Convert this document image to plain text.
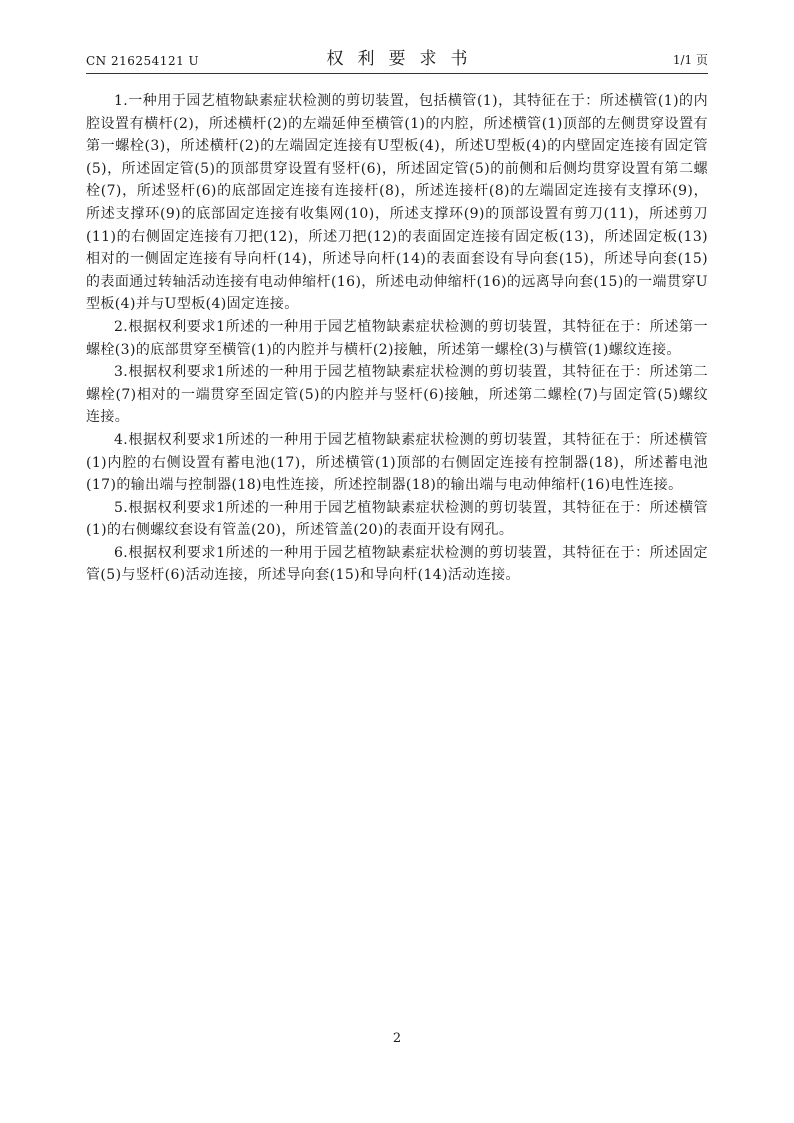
CN 216254121 U	权利要求书	1/1 页

1.一种用于园艺植物缺素症状检测的剪切装置，包括横管(1)，其特征在于：所述横管(1)的内腔设置有横杆(2)，所述横杆(2)的左端延伸至横管(1)的内腔，所述横管(1)顶部的左侧贯穿设置有第一螺栓(3)，所述横杆(2)的左端固定连接有U型板(4)，所述U型板(4)的内壁固定连接有固定管(5)，所述固定管(5)的顶部贯穿设置有竖杆(6)，所述固定管(5)的前侧和后侧均贯穿设置有第二螺栓(7)，所述竖杆(6)的底部固定连接有连接杆(8)，所述连接杆(8)的左端固定连接有支撑环(9)，所述支撑环(9)的底部固定连接有收集网(10)，所述支撑环(9)的顶部设置有剪刀(11)，所述剪刀(11)的右侧固定连接有刀把(12)，所述刀把(12)的表面固定连接有固定板(13)，所述固定板(13)相对的一侧固定连接有导向杆(14)，所述导向杆(14)的表面套设有导向套(15)，所述导向套(15)的表面通过转轴活动连接有电动伸缩杆(16)，所述电动伸缩杆(16)的远离导向套(15)的一端贯穿U型板(4)并与U型板(4)固定连接。

2.根据权利要求1所述的一种用于园艺植物缺素症状检测的剪切装置，其特征在于：所述第一螺栓(3)的底部贯穿至横管(1)的内腔并与横杆(2)接触，所述第一螺栓(3)与横管(1)螺纹连接。

3.根据权利要求1所述的一种用于园艺植物缺素症状检测的剪切装置，其特征在于：所述第二螺栓(7)相对的一端贯穿至固定管(5)的内腔并与竖杆(6)接触，所述第二螺栓(7)与固定管(5)螺纹连接。

4.根据权利要求1所述的一种用于园艺植物缺素症状检测的剪切装置，其特征在于：所述横管(1)内腔的右侧设置有蓄电池(17)，所述横管(1)顶部的右侧固定连接有控制器(18)，所述蓄电池(17)的输出端与控制器(18)电性连接，所述控制器(18)的输出端与电动伸缩杆(16)电性连接。

5.根据权利要求1所述的一种用于园艺植物缺素症状检测的剪切装置，其特征在于：所述横管(1)的右侧螺纹套设有管盖(20)，所述管盖(20)的表面开设有网孔。

6.根据权利要求1所述的一种用于园艺植物缺素症状检测的剪切装置，其特征在于：所述固定管(5)与竖杆(6)活动连接，所述导向套(15)和导向杆(14)活动连接。

2
